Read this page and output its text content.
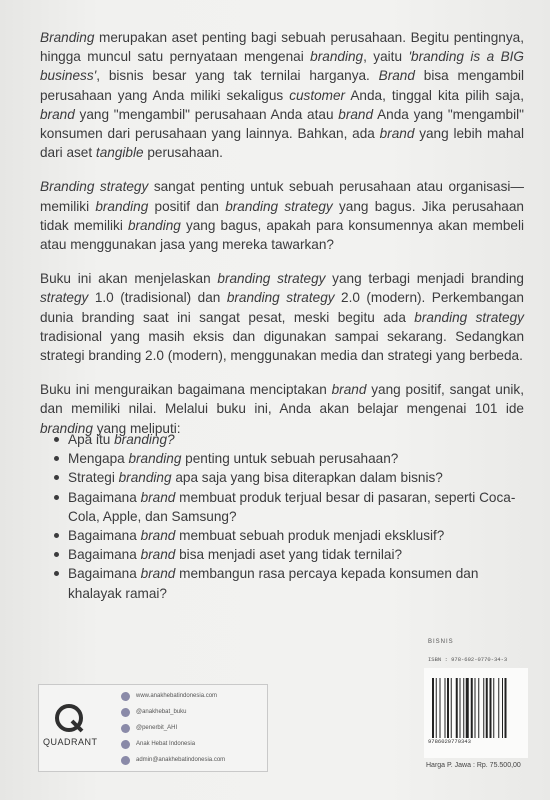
Branding merupakan aset penting bagi sebuah perusahaan. Begitu pentingnya, hingga muncul satu pernyataan mengenai branding, yaitu 'branding is a BIG business', bisnis besar yang tak ternilai harganya. Brand bisa mengambil perusahaan yang Anda miliki sekaligus customer Anda, tinggal kita pilih saja, brand yang "mengambil" perusahaan Anda atau brand Anda yang "mengambil" konsumen dari perusahaan yang lainnya. Bahkan, ada brand yang lebih mahal dari aset tangible perusahaan.

Branding strategy sangat penting untuk sebuah perusahaan atau organisasi—memiliki branding positif dan branding strategy yang bagus. Jika perusahaan tidak memiliki branding yang bagus, apakah para konsumennya akan membeli atau menggunakan jasa yang mereka tawarkan?

Buku ini akan menjelaskan branding strategy yang terbagi menjadi branding strategy 1.0 (tradisional) dan branding strategy 2.0 (modern). Perkembangan dunia branding saat ini sangat pesat, meski begitu ada branding strategy tradisional yang masih eksis dan digunakan sampai sekarang. Sedangkan strategi branding 2.0 (modern), menggunakan media dan strategi yang berbeda.

Buku ini menguraikan bagaimana menciptakan brand yang positif, sangat unik, dan memiliki nilai. Melalui buku ini, Anda akan belajar mengenai 101 ide branding yang meliputi:

Apa itu branding?
Mengapa branding penting untuk sebuah perusahaan?
Strategi branding apa saja yang bisa diterapkan dalam bisnis?
Bagaimana brand membuat produk terjual besar di pasaran, seperti Coca-Cola, Apple, dan Samsung?
Bagaimana brand membuat sebuah produk menjadi eksklusif?
Bagaimana brand bisa menjadi aset yang tidak ternilai?
Bagaimana brand membangun rasa percaya kepada konsumen dan khalayak ramai?
QUADRANT
www.anakhebatindonesia.com
@anakhebat_buku
@penerbit_AHI
Anak Hebat Indonesia
admin@anakhebatindonesia.com
BISNIS
ISBN : 978-602-0770-34-3
9786020770343
Harga P. Jawa : Rp. 75.500,00
